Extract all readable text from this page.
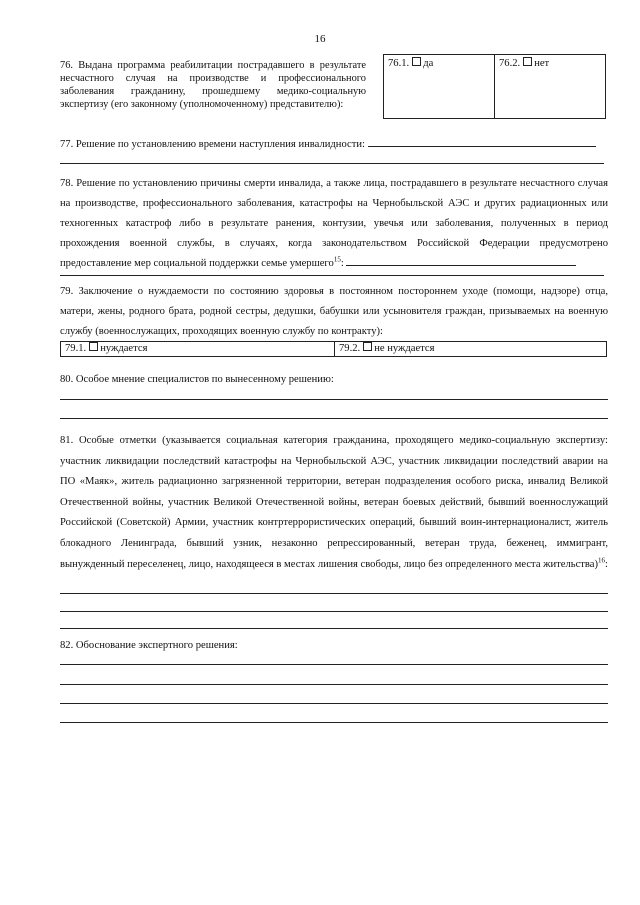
16
76. Выдана программа реабилитации пострадавшего в результате несчастного случая на производстве и профессионального заболевания гражданину, прошедшему медико-социальную экспертизу (его законному (уполномоченному) представителю):
76.1. да	76.2. нет
77. Решение по установлению времени наступления инвалидности:
78. Решение по установлению причины смерти инвалида, а также лица, пострадавшего в результате несчастного случая на производстве, профессионального заболевания, катастрофы на Чернобыльской АЭС и других радиационных или техногенных катастроф либо в результате ранения, контузии, увечья или заболевания, полученных в период прохождения военной службы, в случаях, когда законодательством Российской Федерации предусмотрено предоставление мер социальной поддержки семье умершего$^{15}$:
79. Заключение о нуждаемости по состоянию здоровья в постоянном постороннем уходе (помощи, надзоре) отца, матери, жены, родного брата, родной сестры, дедушки, бабушки или усыновителя граждан, призываемых на военную службу (военнослужащих, проходящих военную службу по контракту):
79.1. нуждается	79.2. не нуждается
80. Особое мнение специалистов по вынесенному решению:
81. Особые отметки (указывается социальная категория гражданина, проходящего медико-социальную экспертизу: участник ликвидации последствий катастрофы на Чернобыльской АЭС, участник ликвидации последствий аварии на ПО «Маяк», житель радиационно загрязненной территории, ветеран подразделения особого риска, инвалид Великой Отечественной войны, участник Великой Отечественной войны, ветеран боевых действий, бывший военнослужащий Российской (Советской) Армии, участник контртеррористических операций, бывший воин-интернационалист, житель блокадного Ленинграда, бывший узник, незаконно репрессированный, ветеран труда, беженец, иммигрант, вынужденный переселенец, лицо, находящееся в местах лишения свободы, лицо без определенного места жительства)$^{16}$:
82. Обоснование экспертного решения:
